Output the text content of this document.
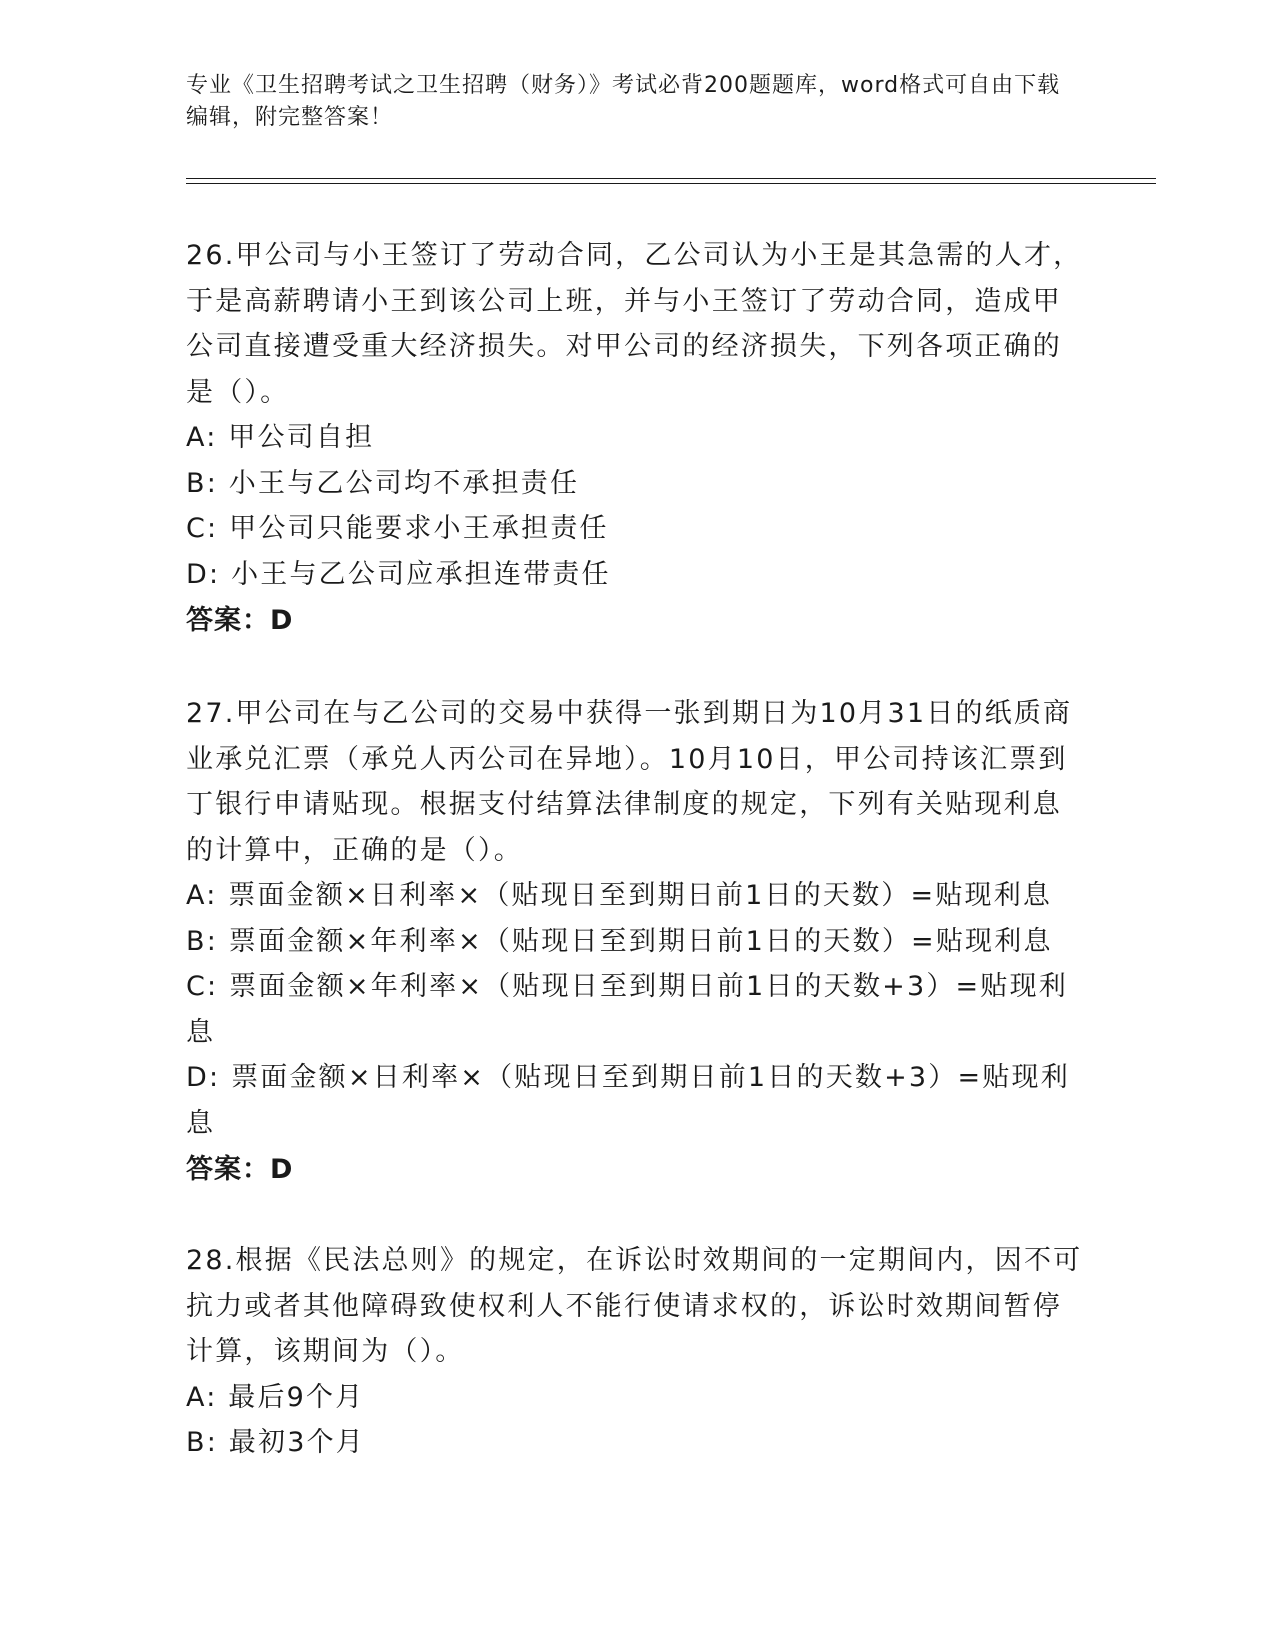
专业《卫生招聘考试之卫生招聘（财务）》考试必背200题题库，word格式可自由下载编辑，附完整答案！
26.甲公司与小王签订了劳动合同，乙公司认为小王是其急需的人才，于是高薪聘请小王到该公司上班，并与小王签订了劳动合同，造成甲公司直接遭受重大经济损失。对甲公司的经济损失，下列各项正确的是（）。
A: 甲公司自担
B: 小王与乙公司均不承担责任
C: 甲公司只能要求小王承担责任
D: 小王与乙公司应承担连带责任
答案：D
27.甲公司在与乙公司的交易中获得一张到期日为10月31日的纸质商业承兑汇票（承兑人丙公司在异地）。10月10日，甲公司持该汇票到丁银行申请贴现。根据支付结算法律制度的规定，下列有关贴现利息的计算中，正确的是（）。
A: 票面金额×日利率×（贴现日至到期日前1日的天数）=贴现利息
B: 票面金额×年利率×（贴现日至到期日前1日的天数）=贴现利息
C: 票面金额×年利率×（贴现日至到期日前1日的天数+3）=贴现利息
D: 票面金额×日利率×（贴现日至到期日前1日的天数+3）=贴现利息
答案：D
28.根据《民法总则》的规定，在诉讼时效期间的一定期间内，因不可抗力或者其他障碍致使权利人不能行使请求权的，诉讼时效期间暂停计算，该期间为（）。
A: 最后9个月
B: 最初3个月
